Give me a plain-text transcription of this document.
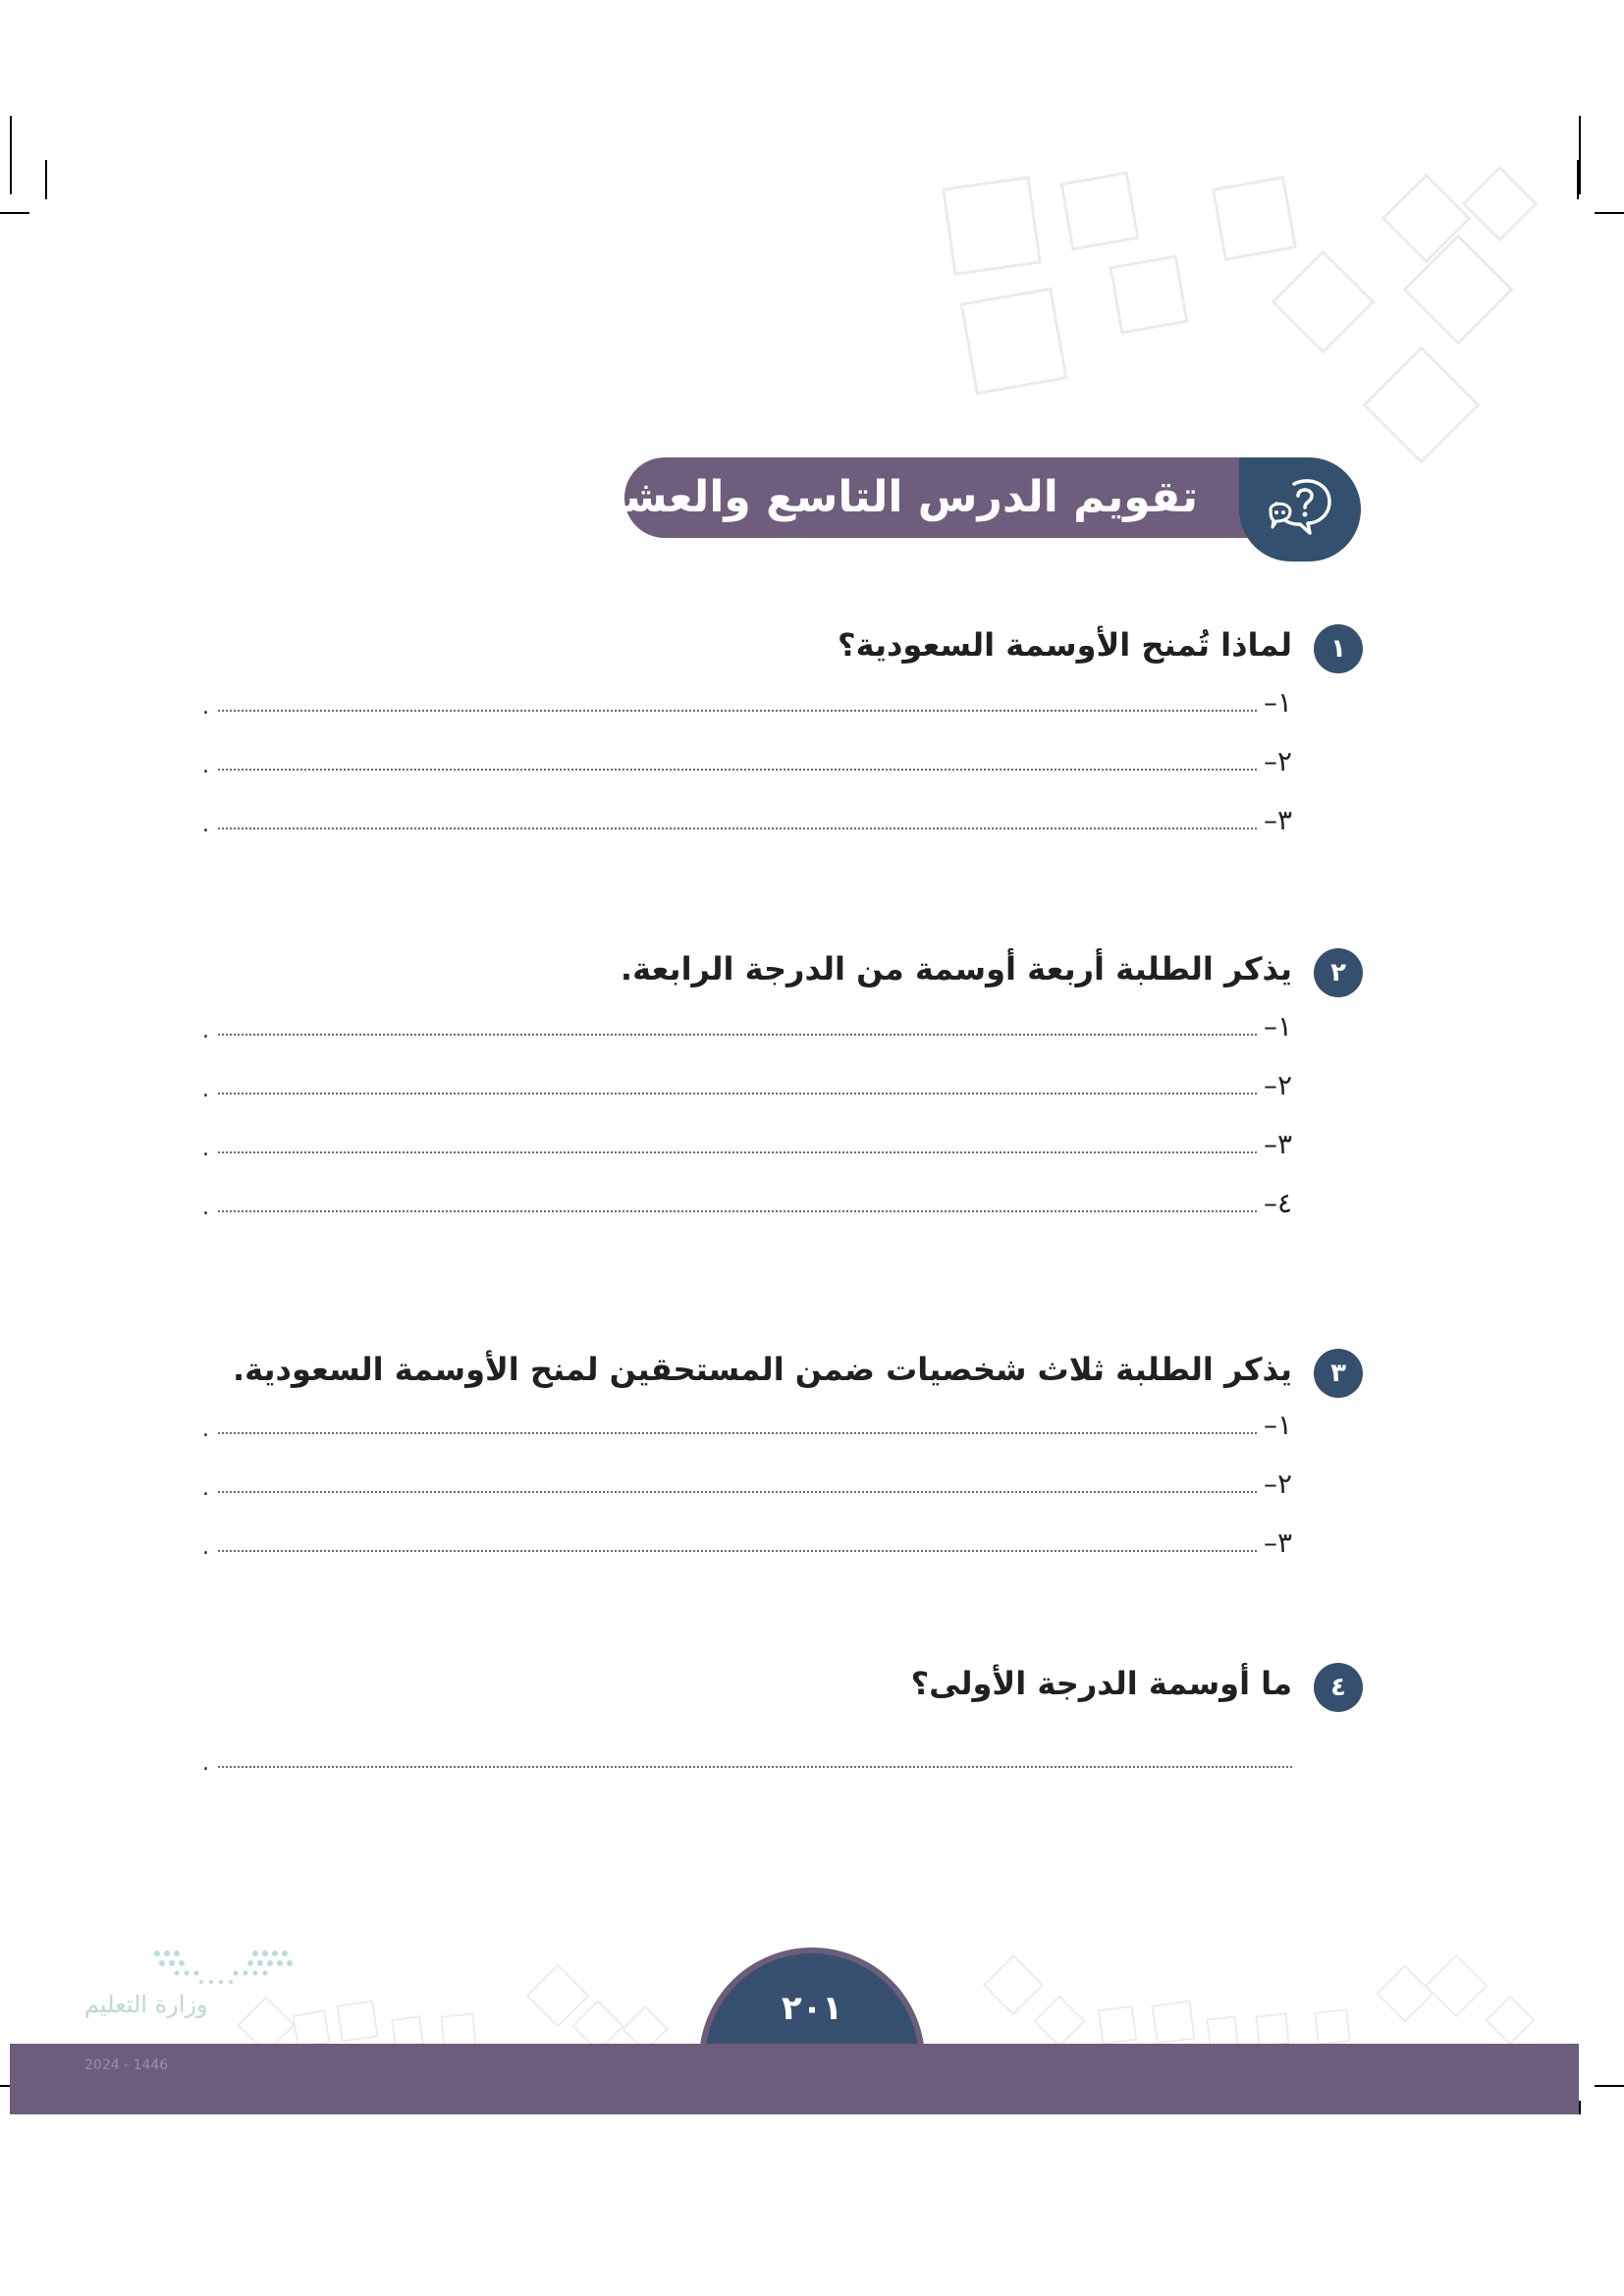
تقويم الدرس التاسع والعشرين
١
لماذا تُمنح الأوسمة السعودية؟
١–
.
٢–
.
٣–
.
٢
يذكر الطلبة أربعة أوسمة من الدرجة الرابعة.
١–
.
٢–
.
٣–
.
٤–
.
٣
يذكر الطلبة ثلاث شخصيات ضمن المستحقين لمنح الأوسمة السعودية.
١–
.
٢–
.
٣–
.
٤
ما أوسمة الدرجة الأولى؟
.
٢٠١
وزارة التعليم
2024 - 1446
